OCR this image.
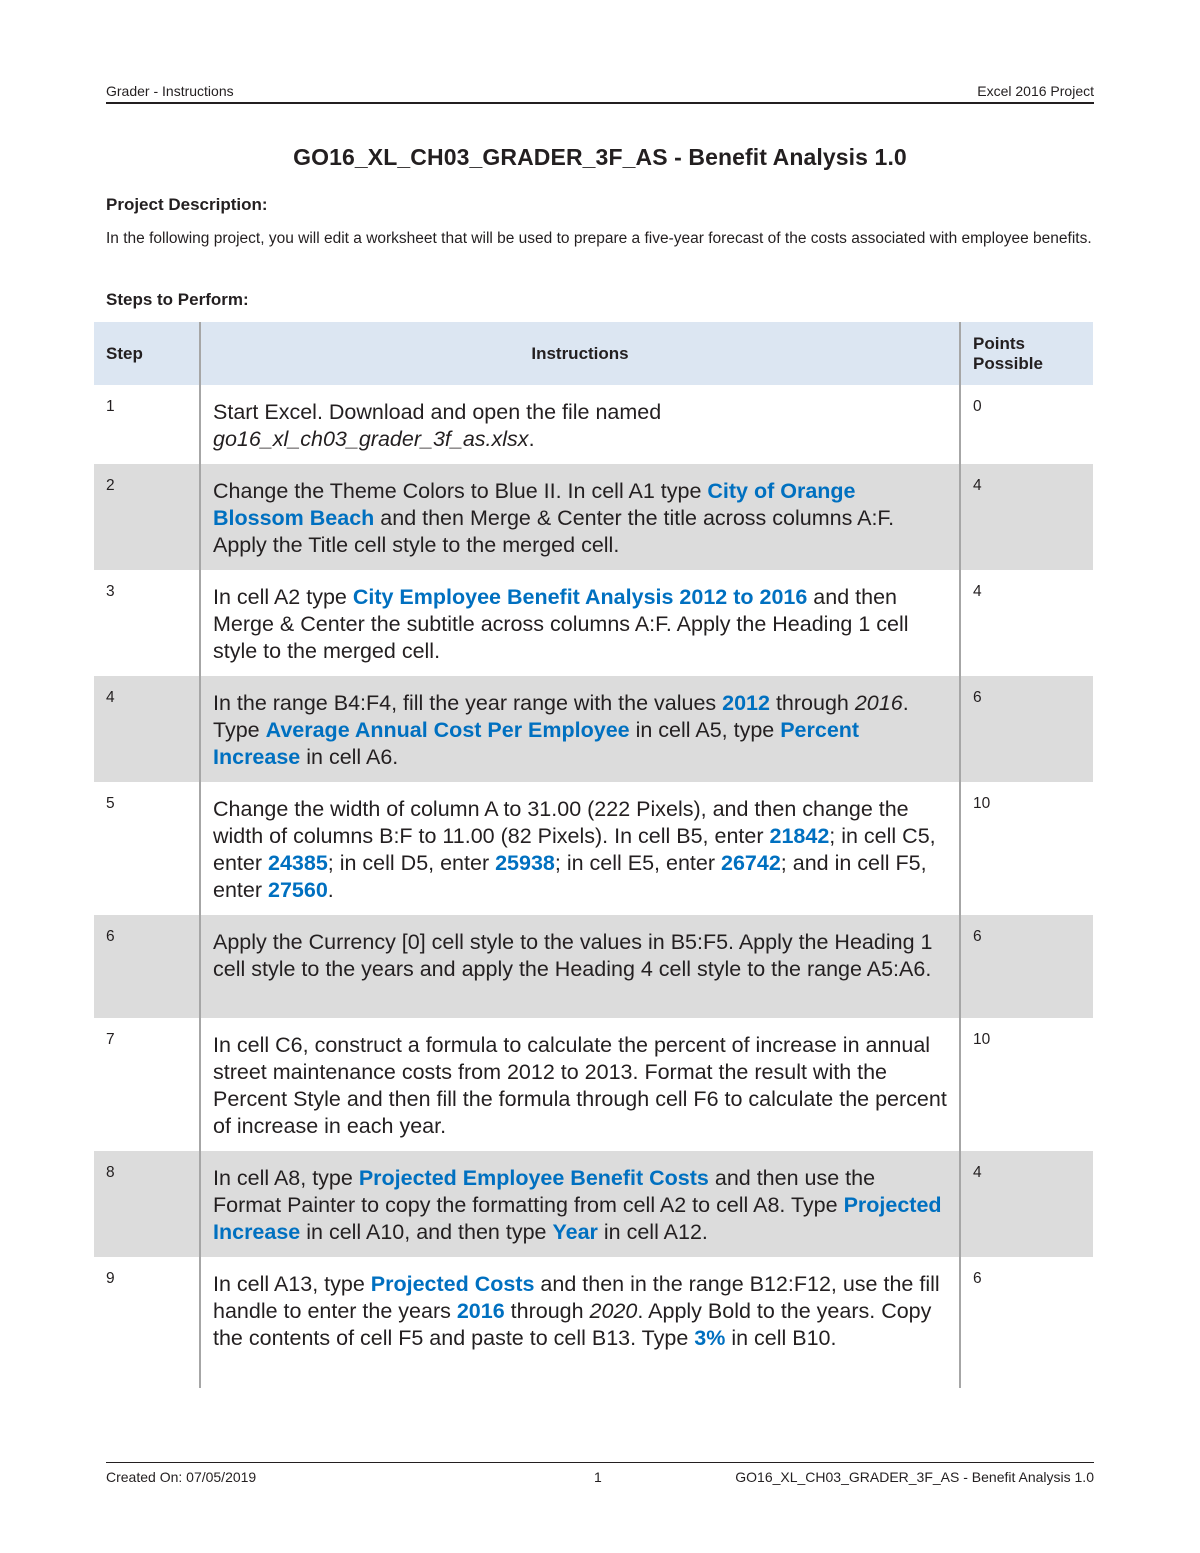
Grader - Instructions	Excel 2016 Project
GO16_XL_CH03_GRADER_3F_AS - Benefit Analysis 1.0
Project Description:
In the following project, you will edit a worksheet that will be used to prepare a five-year forecast of the costs associated with employee benefits.
Steps to Perform:
Step	Instructions	Points Possible
1	Start Excel. Download and open the file named go16_xl_ch03_grader_3f_as.xlsx.	0
2	Change the Theme Colors to Blue II. In cell A1 type City of Orange Blossom Beach and then Merge & Center the title across columns A:F. Apply the Title cell style to the merged cell.	4
3	In cell A2 type City Employee Benefit Analysis 2012 to 2016 and then Merge & Center the subtitle across columns A:F. Apply the Heading 1 cell style to the merged cell.	4
4	In the range B4:F4, fill the year range with the values 2012 through 2016. Type Average Annual Cost Per Employee in cell A5, type Percent Increase in cell A6.	6
5	Change the width of column A to 31.00 (222 Pixels), and then change the width of columns B:F to 11.00 (82 Pixels). In cell B5, enter 21842; in cell C5, enter 24385; in cell D5, enter 25938; in cell E5, enter 26742; and in cell F5, enter 27560.	10
6	Apply the Currency [0] cell style to the values in B5:F5. Apply the Heading 1 cell style to the years and apply the Heading 4 cell style to the range A5:A6.	6
7	In cell C6, construct a formula to calculate the percent of increase in annual street maintenance costs from 2012 to 2013. Format the result with the Percent Style and then fill the formula through cell F6 to calculate the percent of increase in each year.	10
8	In cell A8, type Projected Employee Benefit Costs and then use the Format Painter to copy the formatting from cell A2 to cell A8. Type Projected Increase in cell A10, and then type Year in cell A12.	4
9	In cell A13, type Projected Costs and then in the range B12:F12, use the fill handle to enter the years 2016 through 2020. Apply Bold to the years. Copy the contents of cell F5 and paste to cell B13. Type 3% in cell B10.	6
Created On: 07/05/2019	1	GO16_XL_CH03_GRADER_3F_AS - Benefit Analysis 1.0
